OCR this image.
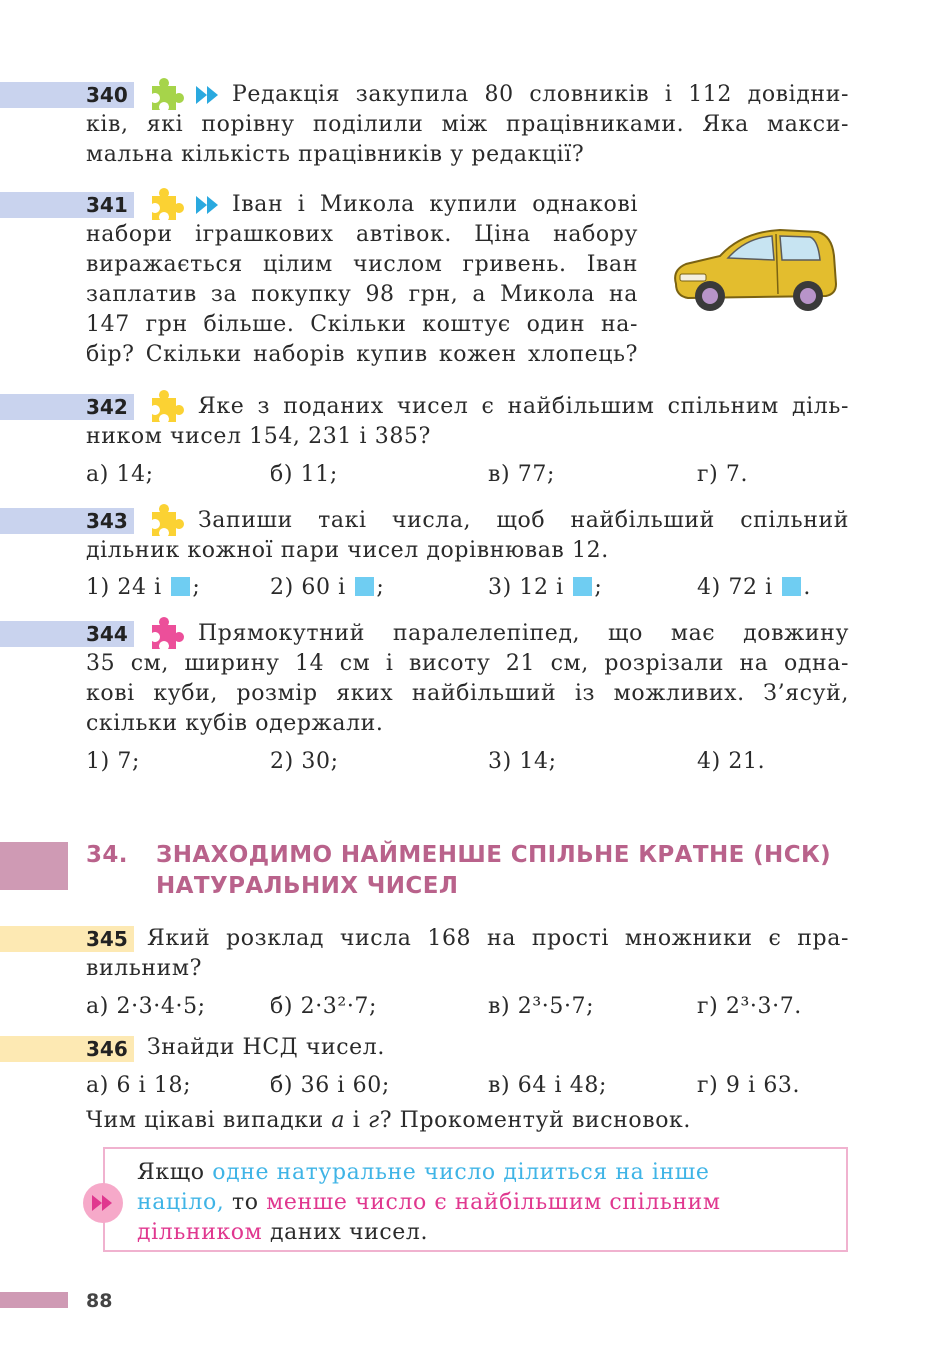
340	Редакція закупила 80 словників і 112 довідни-
ків, які порівну поділили між працівниками. Яка макси-
мальна кількість працівників у редакції?
341	Іван і Микола купили однакові
набори іграшкових автівок. Ціна набору
виражається цілим числом гривень. Іван
заплатив за покупку 98 грн, а Микола на
147 грн більше. Скільки коштує один на-
бір? Скільки наборів купив кожен хлопець?
342	Яке з поданих чисел є найбільшим спільним діль-
ником чисел 154, 231 і 385?
а) 14;	б) 11;	в) 77;	г) 7.
343	Запиши такі числа, щоб найбільший спільний
дільник кожної пари чисел дорівнював 12.
1) 24 і ;	2) 60 і ;	3) 12 і ;	4) 72 і .
344	Прямокутний паралелепіпед, що має довжину
35 см, ширину 14 см і висоту 21 см, розрізали на одна-
кові куби, розмір яких найбільший із можливих. З’ясуй,
скільки кубів одержали.
1) 7;	2) 30;	3) 14;	4) 21.
34. ЗНАХОДИМО НАЙМЕНШЕ СПІЛЬНЕ КРАТНЕ (НСК)
НАТУРАЛЬНИХ ЧИСЕЛ
345 Який розклад числа 168 на прості множники є пра-
вильним?
а) 2·3·4·5;	б) 2·3²·7;	в) 2³·5·7;	г) 2³·3·7.
346 Знайди НСД чисел.
а) 6 і 18;	б) 36 і 60;	в) 64 і 48;	г) 9 і 63.
Чим цікаві випадки а і г? Прокоментуй висновок.
Якщо одне натуральне число ділиться на інше
націло, то менше число є найбільшим спільним
дільником даних чисел.
88
